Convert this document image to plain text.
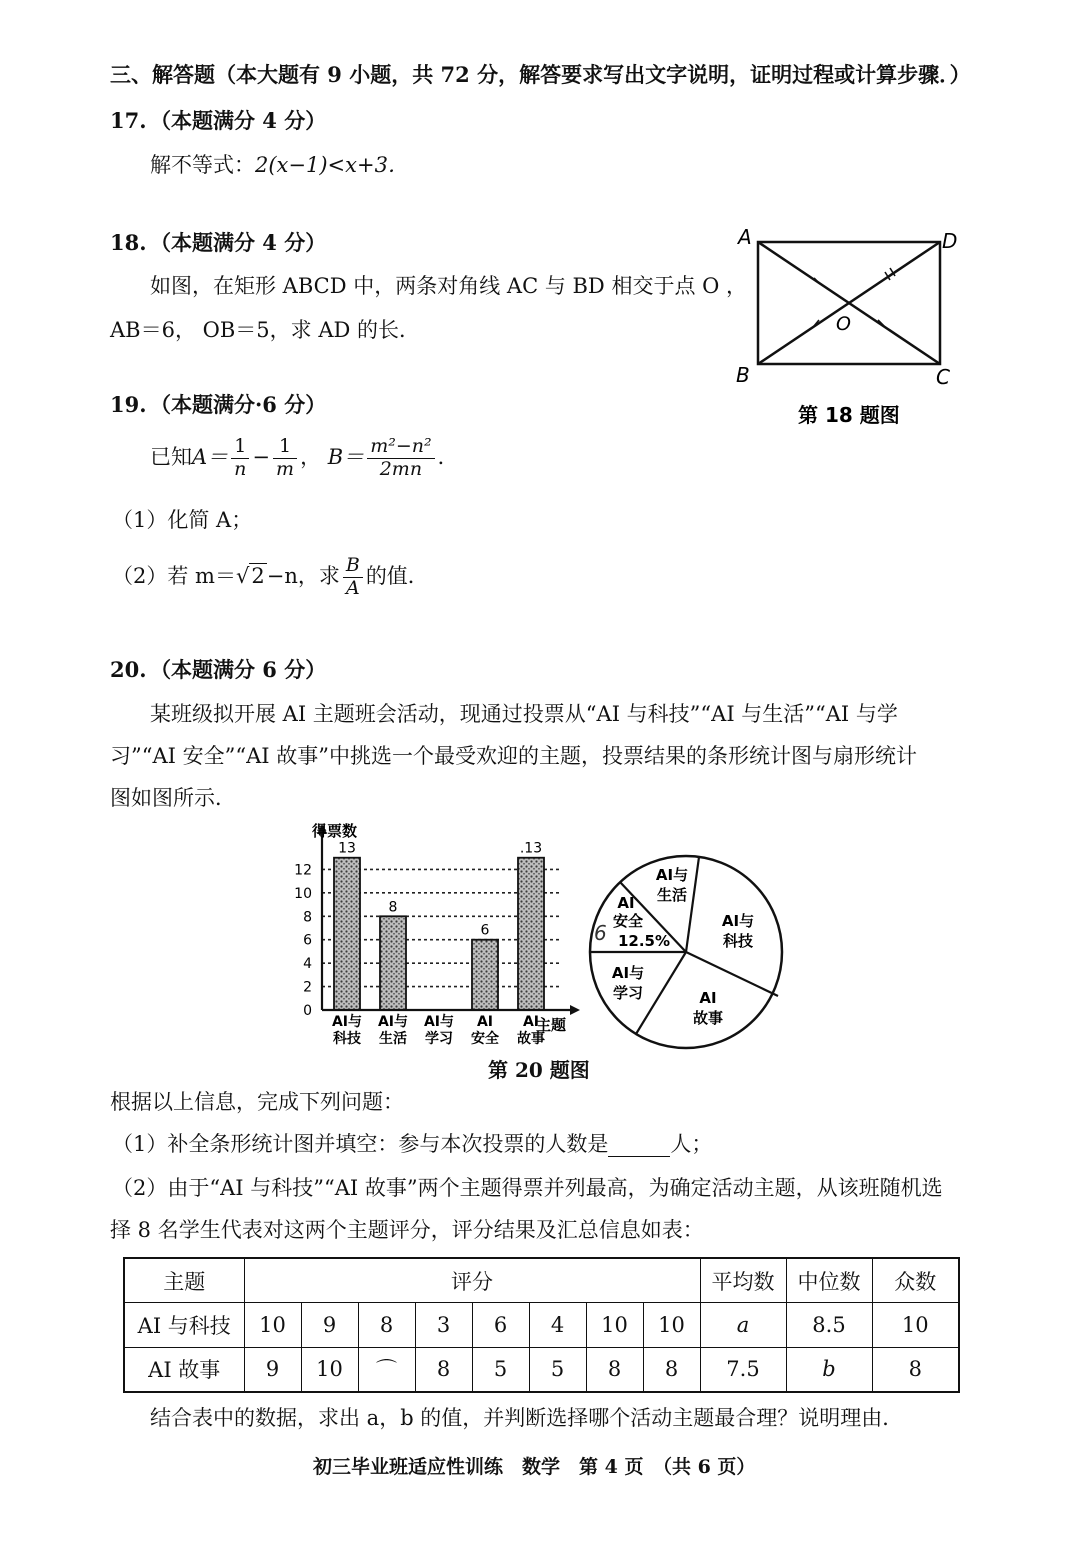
三、解答题（本大题有 9 小题，共 72 分，解答要求写出文字说明，证明过程或计算步骤．）
17. （本题满分 4 分）
解不等式：2(x−1)<x+3．
18. （本题满分 4 分）
如图，在矩形 ABCD 中，两条对角线 AC 与 BD 相交于点 O ，
AB＝6， OB＝5，求 AD 的长．
A	D
B	C
O
第 18 题图
19. （本题满分·6 分）
已知$A= \frac{1}{n} - \frac{1}{m}$ ， $B= \frac{\text{m²−n²}}{2mn}$ ．
（1）化简 A；
（2）若 m＝√2−n，求 $\frac{B}{A}$ 的值．
20. （本题满分 6 分）
某班级拟开展 AI 主题班会活动，现通过投票从“AI 与科技”“AI 与生活”“AI 与学
习”“AI 安全”“AI 故事”中挑选一个最受欢迎的主题，投票结果的条形统计图与扇形统计
图如图所示．
0
2
4
6
8
10
12
AI与
科技
AI与
生活
AI与
学习
AI
安全
AI
故事
13
8
6
.13
得票数
主题
AI与
生活
AI与
科技
AI
故事
AI与
学习
AI
安全
12.5%
6
第 20 题图
根据以上信息，完成下列问题：
（1）补全条形统计图并填空：参与本次投票的人数是	人；
（2）由于“AI 与科技”“AI 故事”两个主题得票并列最高，为确定活动主题，从该班随机选
择 8 名学生代表对这两个主题评分，评分结果及汇总信息如表：
主题	评分								平均数	中位数	众数
AI 与科技	10	9	8	3	6	4	10	10	a	8.5	10
AI 故事	9	10	⌒	8	5	5	8	8	7.5	b	8
结合表中的数据，求出 a，b 的值，并判断选择哪个活动主题最合理？说明理由．
初三毕业班适应性训练　数学　第 4 页　（共 6 页）
